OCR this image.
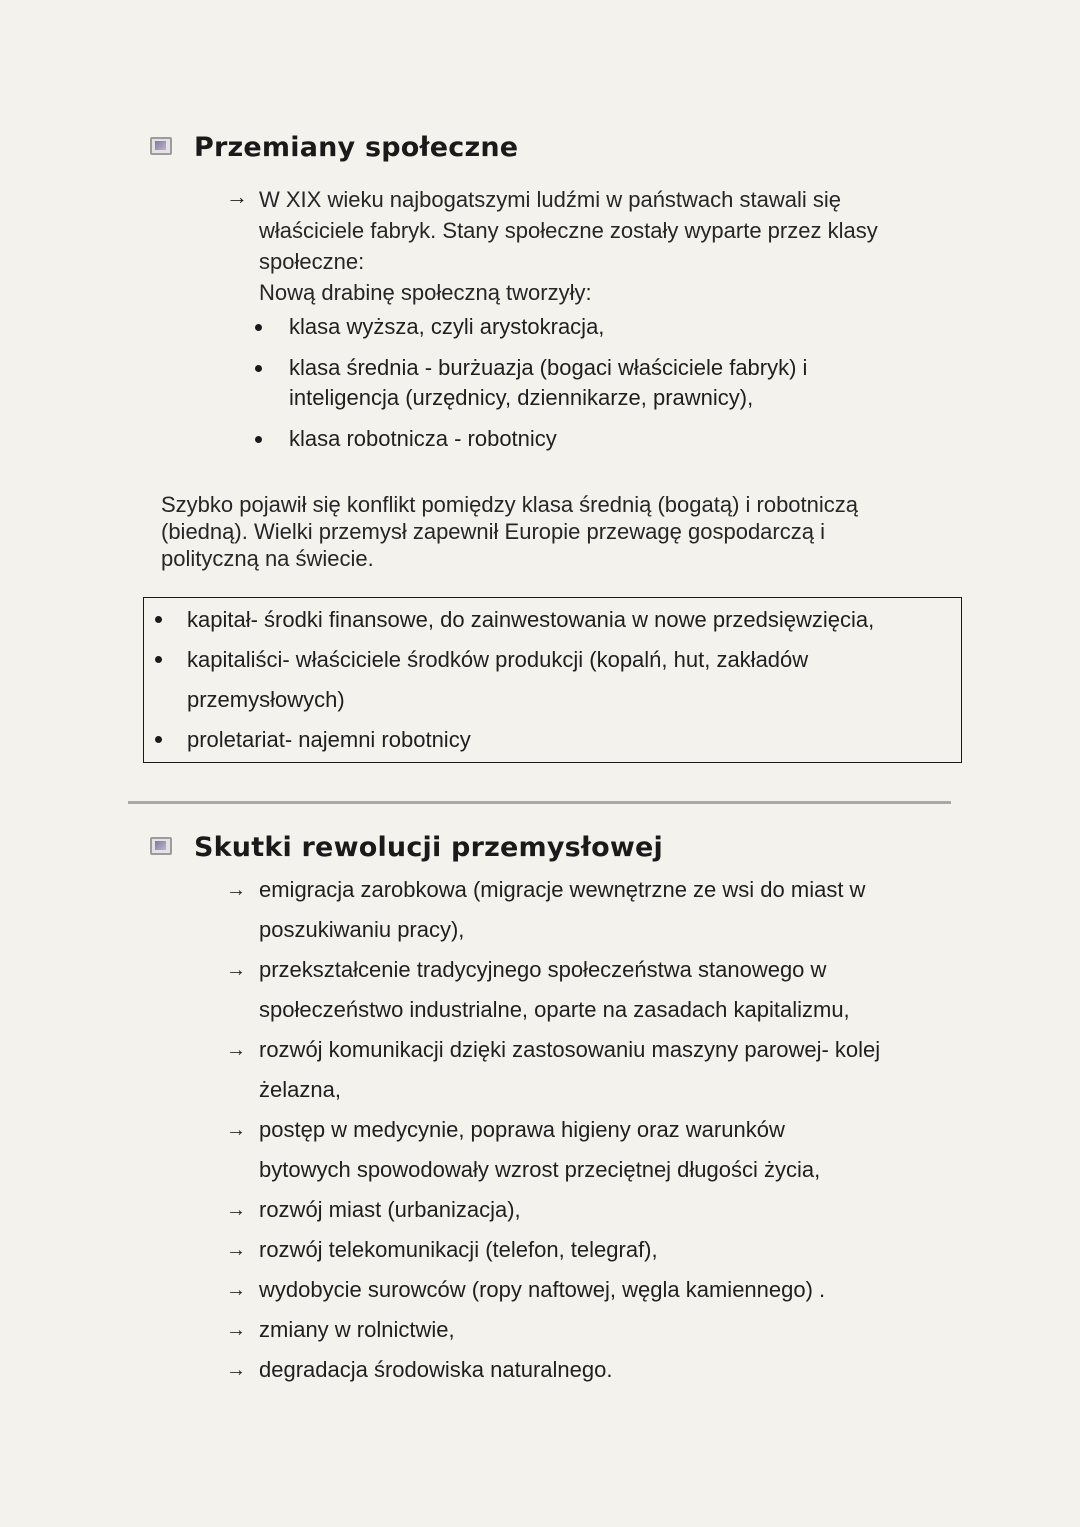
Przemiany społeczne
→ W XIX wieku najbogatszymi ludźmi w państwach stawali się
właściciele fabryk. Stany społeczne zostały wyparte przez klasy
społeczne:
Nową drabinę społeczną tworzyły:
klasa wyższa, czyli arystokracja,
klasa średnia - burżuazja (bogaci właściciele fabryk) i
inteligencja (urzędnicy, dziennikarze, prawnicy),
klasa robotnicza - robotnicy
Szybko pojawił się konflikt pomiędzy klasa średnią (bogatą) i robotniczą
(biedną). Wielki przemysł zapewnił Europie przewagę gospodarczą i
polityczną na świecie.
kapitał- środki finansowe, do zainwestowania w nowe przedsięwzięcia,
kapitaliści- właściciele środków produkcji (kopalń, hut, zakładów
przemysłowych)
proletariat- najemni robotnicy
Skutki rewolucji przemysłowej
→ emigracja zarobkowa (migracje wewnętrzne ze wsi do miast w
poszukiwaniu pracy),
→ przekształcenie tradycyjnego społeczeństwa stanowego w
społeczeństwo industrialne, oparte na zasadach kapitalizmu,
→ rozwój komunikacji dzięki zastosowaniu maszyny parowej- kolej
żelazna,
→ postęp w medycynie, poprawa higieny oraz warunków
bytowych spowodowały wzrost przeciętnej długości życia,
→ rozwój miast (urbanizacja),
→ rozwój telekomunikacji (telefon, telegraf),
→ wydobycie surowców (ropy naftowej, węgla kamiennego) .
→ zmiany w rolnictwie,
→ degradacja środowiska naturalnego.
